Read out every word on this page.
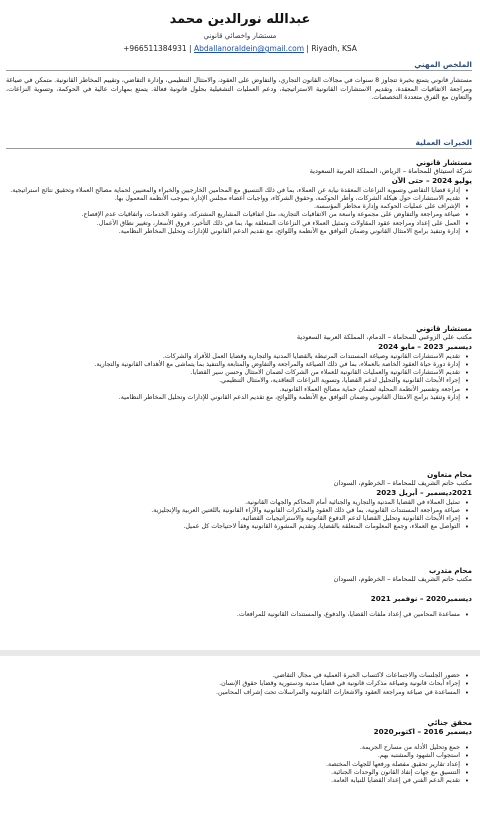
عبدالله نورالدين محمد
مستشار واخصائي قانوني
+966511384931 | Abdallanoraldein@gmail.com | Riyadh, KSA
الملخص المهني
مستشار قانوني يتمتع بخبرة تتجاوز 8 سنوات في مجالات القانون التجاري، والتفاوض على العقود، والامتثال التنظيمي، وإدارة التقاضي، وتقييم المخاطر القانونية. متمكن في صياغة ومراجعة الاتفاقيات المعقدة، وتقديم الاستشارات القانونية الاستراتيجية، ودعم العمليات التشغيلية بحلول قانونية فعالة. يتمتع بمهارات عالية في الحوكمة، وتسوية النزاعات، والتعاون مع الفرق متعددة التخصصات.
الخبرات العملية
مستشار قانوني
شركة استيثاق للمحاماة – الرياض، المملكة العربية السعودية
يوليو 2024 – حتى الآن
• إدارة قضايا التقاضي وتسوية النزاعات المعقدة نيابة عن العملاء، بما في ذلك التنسيق مع المحامين الخارجيين والخبراء والمعنيين لحماية مصالح العملاء وتحقيق نتائج استراتيجية.
• تقديم الاستشارات حول هيكلة الشركات، وأطر الحوكمة، وحقوق الشركاء، وواجبات أعضاء مجلس الإدارة بموجب الأنظمة المعمول بها.
• الإشراف على عمليات الحوكمة وإدارة مخاطر المؤسسة.
• صياغة ومراجعة والتفاوض على مجموعة واسعة من الاتفاقيات التجارية، مثل اتفاقيات المشاريع المشتركة، وعقود الخدمات، واتفاقيات عدم الإفصاح.
• العمل على إعداد ومراجعة عقود المقاولات وتمثيل العملاء في النزاعات المتعلقة بها، بما في ذلك التأخير، فروق الأسعار، وتغيير نطاق الأعمال.
• إدارة وتنفيذ برامج الامتثال القانوني وضمان التوافق مع الأنظمة واللوائح، مع تقديم الدعم القانوني للإدارات وتحليل المخاطر النظامية.
مستشار قانوني
مكتب علي الزوعبي للمحاماة – الدمام، المملكة العربية السعودية
ديسمبر 2023 – مايو 2024
• تقديم الاستشارات القانونية وصياغة المستندات المرتبطة بالقضايا المدنية والتجارية وقضايا العمل للأفراد والشركات.
• إدارة دورة حياة العقود الخاصة بالعملاء، بما في ذلك الصياغة والمراجعة والتفاوض والمتابعة والتنفيذ بما يتماشى مع الأهداف القانونية والتجارية.
• تقديم الاستشارات القانونية والعمليات القانونية للعملاء من الشركات لضمان الامتثال وحسن سير القضايا.
• إجراء الأبحاث القانونية والتحليل لدعم القضايا، وتسوية النزاعات التعاقدية، والامتثال التنظيمي.
• مراجعة وتفسير الأنظمة المحلية لضمان حماية مصالح العملاء القانونية.
• إدارة وتنفيذ برامج الامتثال القانوني وضمان التوافق مع الأنظمة واللوائح، مع تقديم الدعم القانوني للإدارات وتحليل المخاطر النظامية.
محام متعاون
مكتب حاتم الشريف للمحاماة – الخرطوم، السودان
2021ديسمبر – أبريل 2023
• تمثيل العملاء في القضايا المدنية والتجارية والجنائية أمام المحاكم والجهات القانونية.
• صياغة ومراجعة المستندات القانونية، بما في ذلك العقود والمذكرات القانونية والآراء القانونية باللغتين العربية والإنجليزية.
• إجراء الأبحاث القانونية وتحليل القضايا لدعم الدفوع القانونية والاستراتيجيات القضائية.
• التواصل مع العملاء، وجمع المعلومات المتعلقة بالقضايا، وتقديم المشورة القانونية وفقاً لاحتياجات كل عميل.
محام متدرب
مكتب حاتم الشريف للمحاماة – الخرطوم، السودان
ديسمبر2020 – نوفمبر 2021
• مساعدة المحامين في إعداد ملفات القضايا، والدفوع، والمستندات القانونية للمرافعات.
• حضور الجلسات والاجتماعات لاكتساب الخبرة العملية في مجال التقاضي.
• إجراء أبحاث قانونية وصياغة مذكرات قانونية في قضايا مدنية ودستورية وقضايا حقوق الإنسان.
• المساعدة في صياغة ومراجعة العقود والاشعارات القانونية والمراسلات تحت إشراف المحامين.
محقق جنائي
ديسمبر 2016 – اكتوبر2020
• جمع وتحليل الأدلة من مسارح الجريمة.
• استجواب الشهود والمشتبه بهم.
• إعداد تقارير تحقيق مفصلة ورفعها للجهات المختصة.
• التنسيق مع جهات إنفاذ القانون والوحدات الجنائية.
• تقديم الدعم الفني في إعداد القضايا للنيابة العامة.
